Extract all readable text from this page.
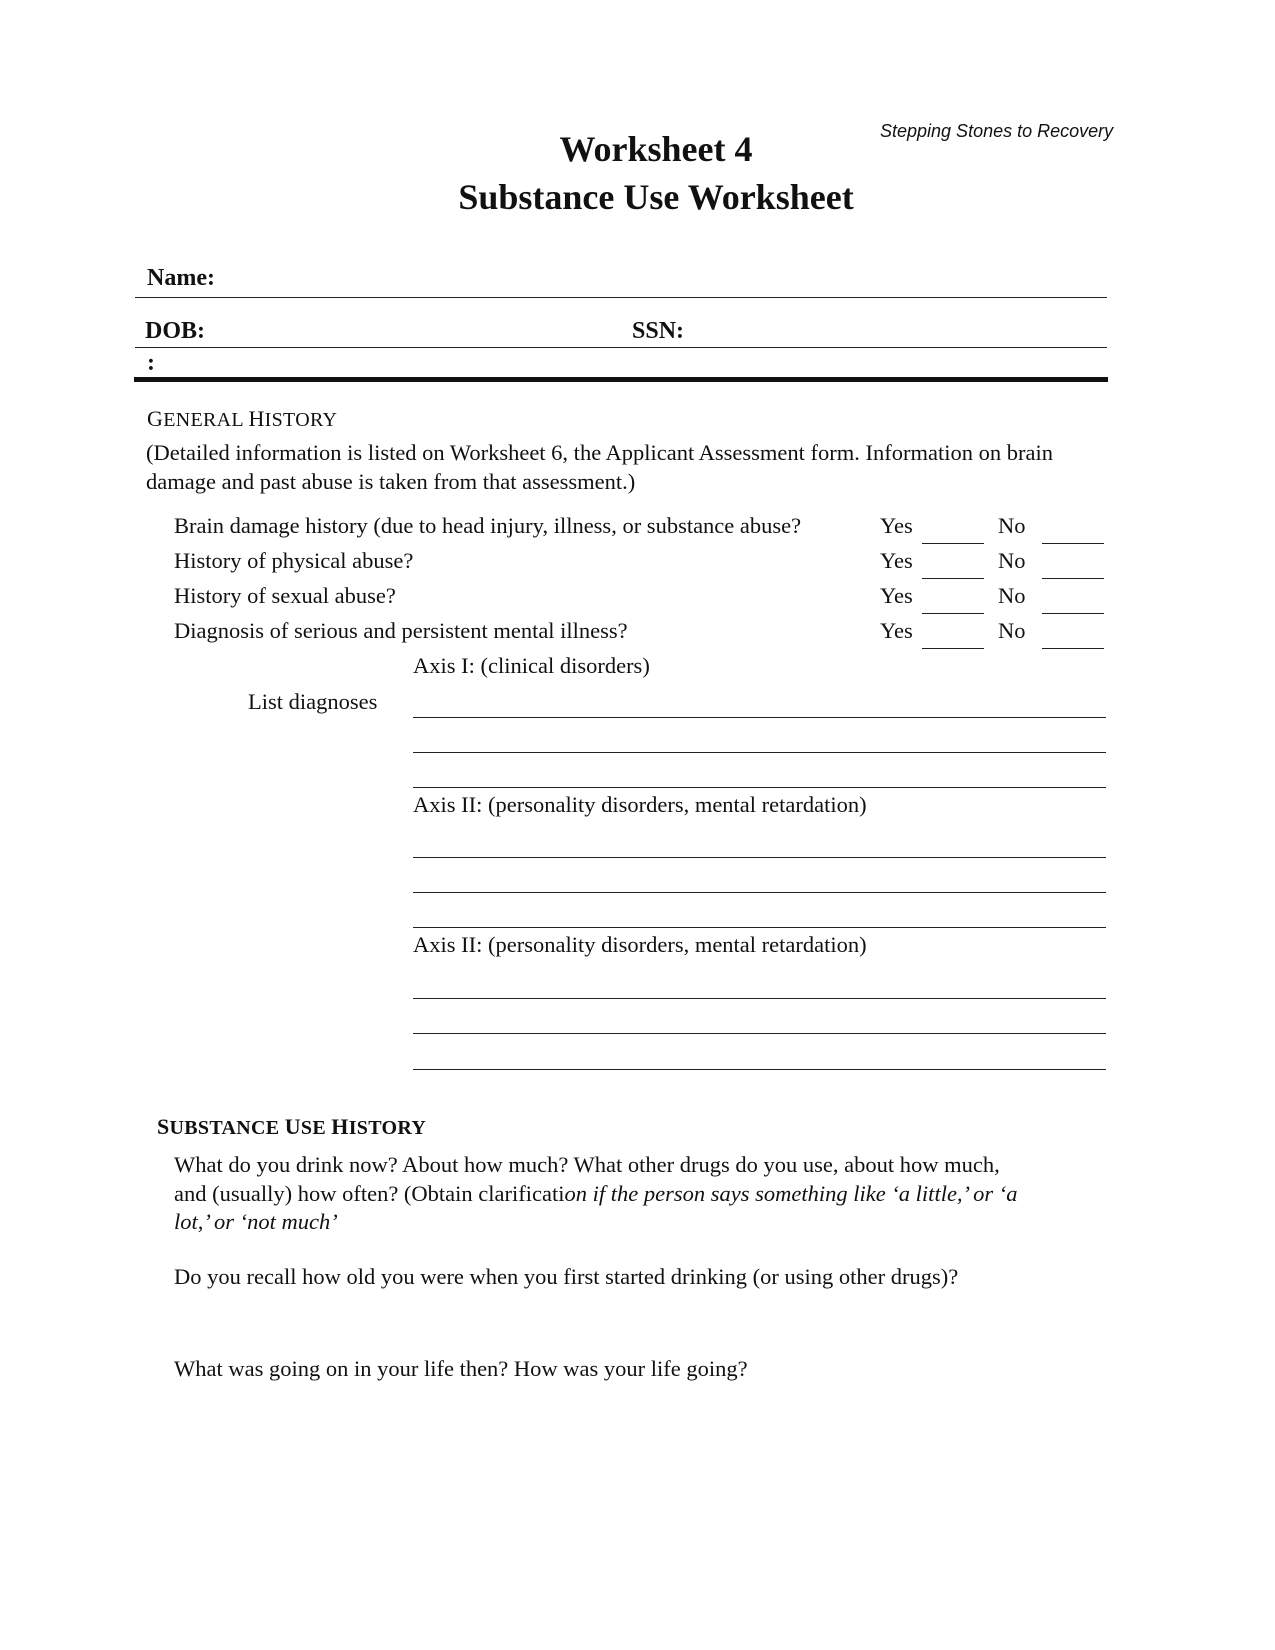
Stepping Stones to Recovery
Worksheet 4
Substance Use Worksheet
Name:
DOB:	SSN:
:
GENERAL HISTORY
(Detailed information is listed on Worksheet 6, the Applicant Assessment form. Information on brain
damage and past abuse is taken from that assessment.)
Brain damage history (due to head injury, illness, or substance abuse?	Yes	No
History of physical abuse?	Yes	No
History of sexual abuse?	Yes	No
Diagnosis of serious and persistent mental illness?	Yes	No
Axis I: (clinical disorders)
List diagnoses
Axis II: (personality disorders, mental retardation)
Axis II: (personality disorders, mental retardation)
SUBSTANCE USE HISTORY
What do you drink now? About how much? What other drugs do you use, about how much,
and (usually) how often? (Obtain clarification if the person says something like ‘a little,’ or ‘a
lot,’ or ‘not much’
Do you recall how old you were when you first started drinking (or using other drugs)?
What was going on in your life then? How was your life going?
